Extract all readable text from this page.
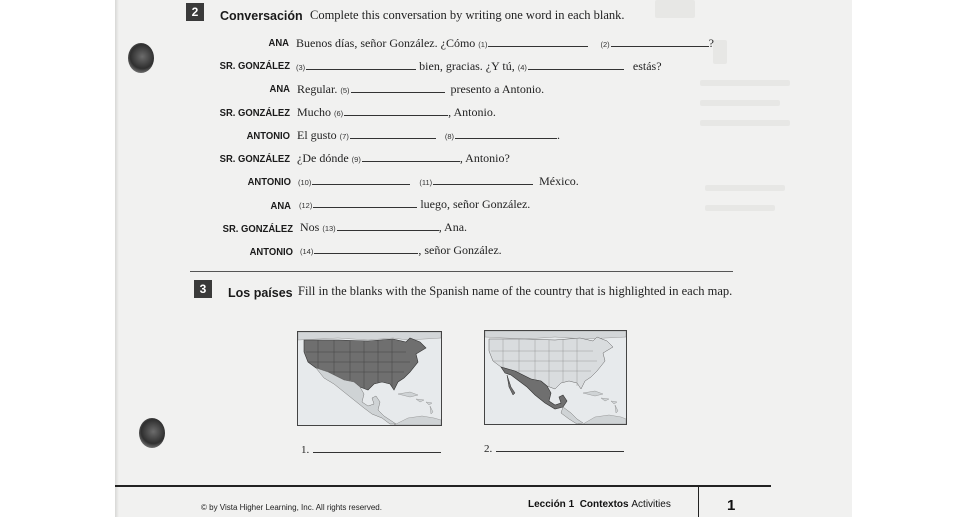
2	Conversación Complete this conversation by writing one word in each blank.
ANA Buenos días, señor González. ¿Cómo
(1)
	(2)	?
SR. GONZÁLEZ (3)
	bien, gracias. ¿Y tú,
(4)
	estás?
ANA Regular.
(5)
	presento a Antonio.
SR. GONZÁLEZ Mucho
(6)	, Antonio.
ANTONIO El gusto
(7)
	(8)	.
SR. GONZÁLEZ ¿De dónde
(9)	, Antonio?
ANTONIO (10)
	(11)
	México.
ANA (12)
	luego, señor González.
SR. GONZÁLEZ Nos
(13)	, Ana.
ANTONIO (14)	, señor González.
3	Los países Fill in the blanks with the Spanish name of the country that is highlighted in each map.
1.	2.
© by Vista Higher Learning, Inc. All rights reserved.	Lección 1 Contextos Activities	1
